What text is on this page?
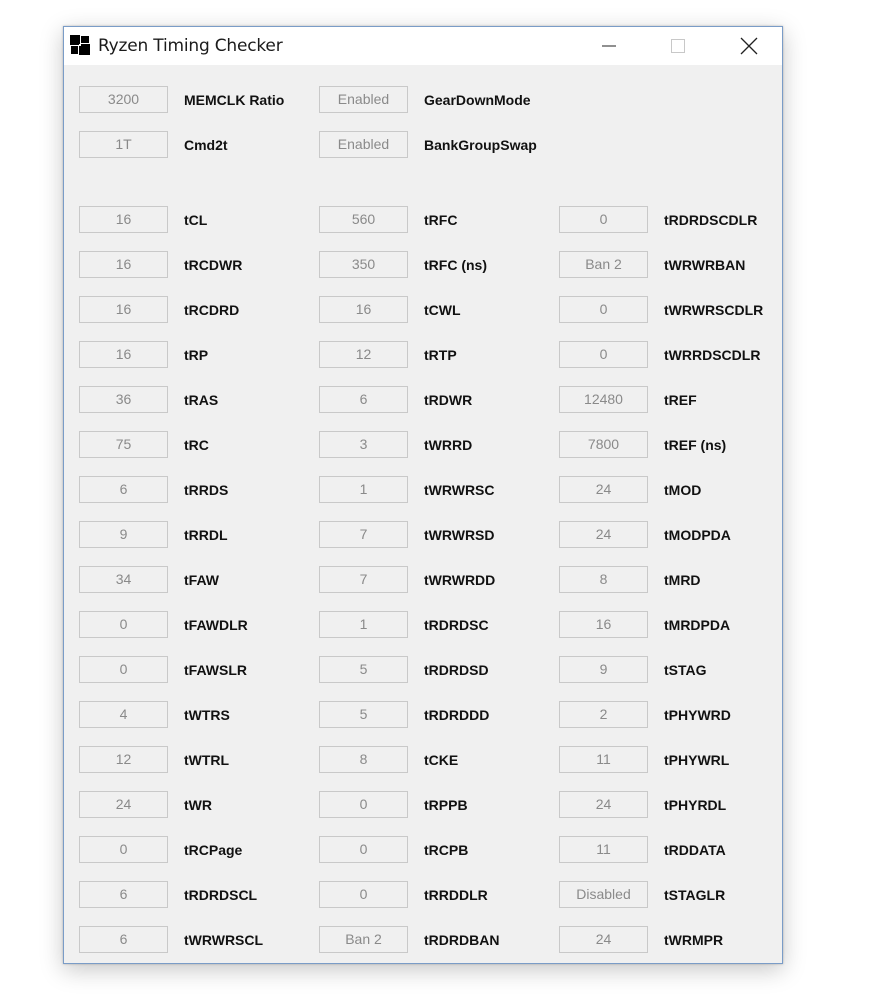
Ryzen Timing Checker
3200	MEMCLK Ratio	Enabled	GearDownMode
1T	Cmd2t	Enabled	BankGroupSwap
16	tCL	560	tRFC	0	tRDRDSCDLR
16	tRCDWR	350	tRFC (ns)	Ban 2	tWRWRBAN
16	tRCDRD	16	tCWL	0	tWRWRSCDLR
16	tRP	12	tRTP	0	tWRRDSCDLR
36	tRAS	6	tRDWR	12480	tREF
75	tRC	3	tWRRD	7800	tREF (ns)
6	tRRDS	1	tWRWRSC	24	tMOD
9	tRRDL	7	tWRWRSD	24	tMODPDA
34	tFAW	7	tWRWRDD	8	tMRD
0	tFAWDLR	1	tRDRDSC	16	tMRDPDA
0	tFAWSLR	5	tRDRDSD	9	tSTAG
4	tWTRS	5	tRDRDDD	2	tPHYWRD
12	tWTRL	8	tCKE	11	tPHYWRL
24	tWR	0	tRPPB	24	tPHYRDL
0	tRCPage	0	tRCPB	11	tRDDATA
6	tRDRDSCL	0	tRRDDLR	Disabled	tSTAGLR
6	tWRWRSCL	Ban 2	tRDRDBAN	24	tWRMPR
